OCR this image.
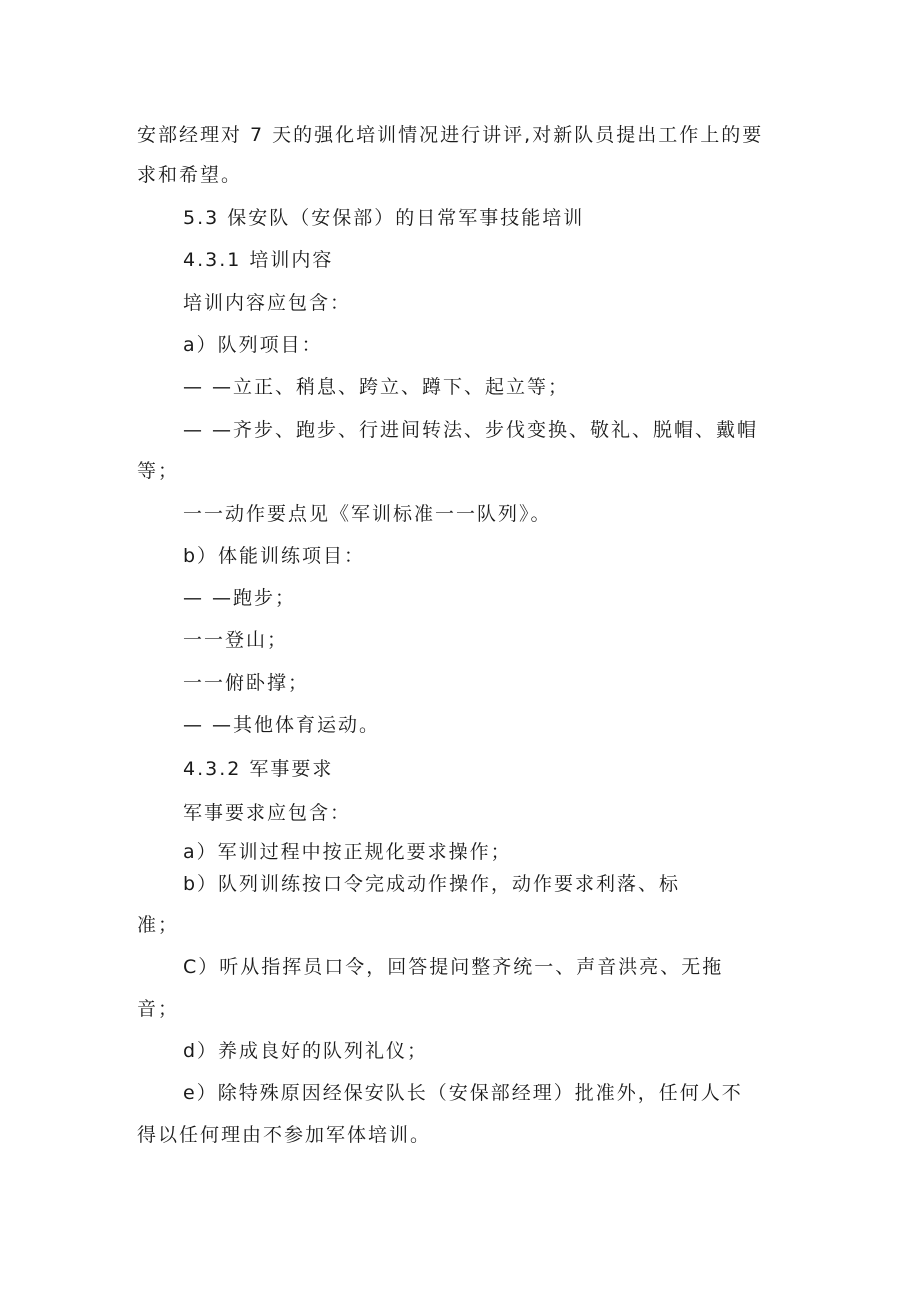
安部经理对 7 天的强化培训情况进行讲评,对新队员提出工作上的要

求和希望。

5.3 保安队（安保部）的日常军事技能培训

4.3.1 培训内容

培训内容应包含：

a）队列项目：

— —立正、稍息、跨立、蹲下、起立等；

— —齐步、跑步、行进间转法、步伐变换、敬礼、脱帽、戴帽

等；

一一动作要点见《军训标准一一队列》。

b）体能训练项目：

— —跑步；

一一登山；

一一俯卧撑；

— —其他体育运动。

4.3.2 军事要求

军事要求应包含：

a）军训过程中按正规化要求操作；

b）队列训练按口令完成动作操作，动作要求利落、标

准；

C）听从指挥员口令，回答提问整齐统一、声音洪亮、无拖

音；

d）养成良好的队列礼仪；

e）除特殊原因经保安队长（安保部经理）批准外，任何人不

得以任何理由不参加军体培训。
